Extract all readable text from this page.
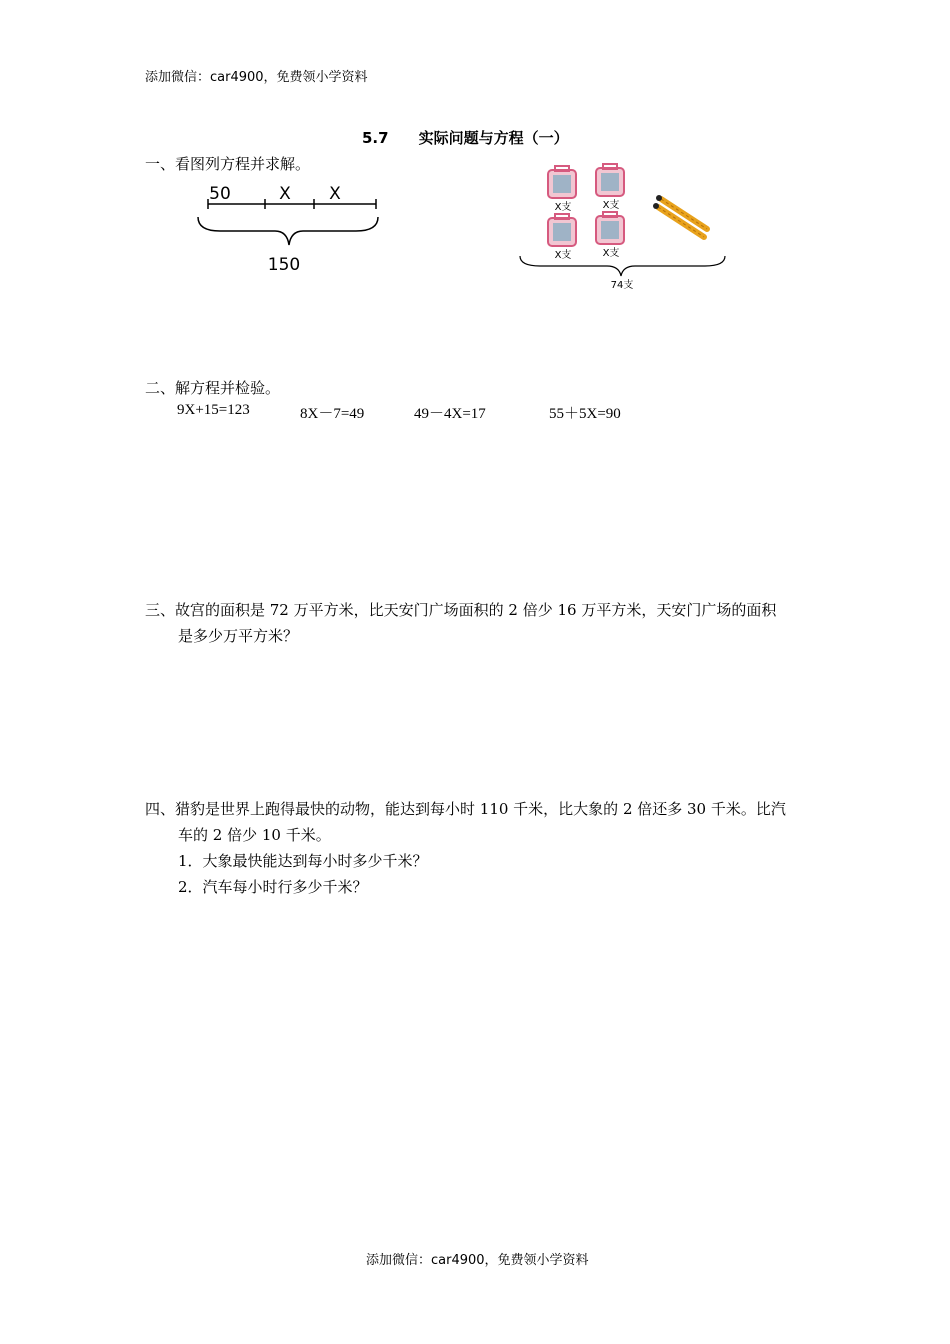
添加微信：car4900，免费领小学资料
5.7 实际问题与方程（一）
一、看图列方程并求解。
50	X X
150
X支	X支
X支	X支
74支
二、解方程并检验。
9X+15=123	8X－7=49	49－4X=17	55＋5X=90
三、故宫的面积是 72 万平方米，比天安门广场面积的 2 倍少 16 万平方米，天安门广场的面积
是多少万平方米？
四、猎豹是世界上跑得最快的动物，能达到每小时 110 千米，比大象的 2 倍还多 30 千米。比汽
车的 2 倍少 10 千米。
1．大象最快能达到每小时多少千米？
2．汽车每小时行多少千米？
添加微信：car4900，免费领小学资料
